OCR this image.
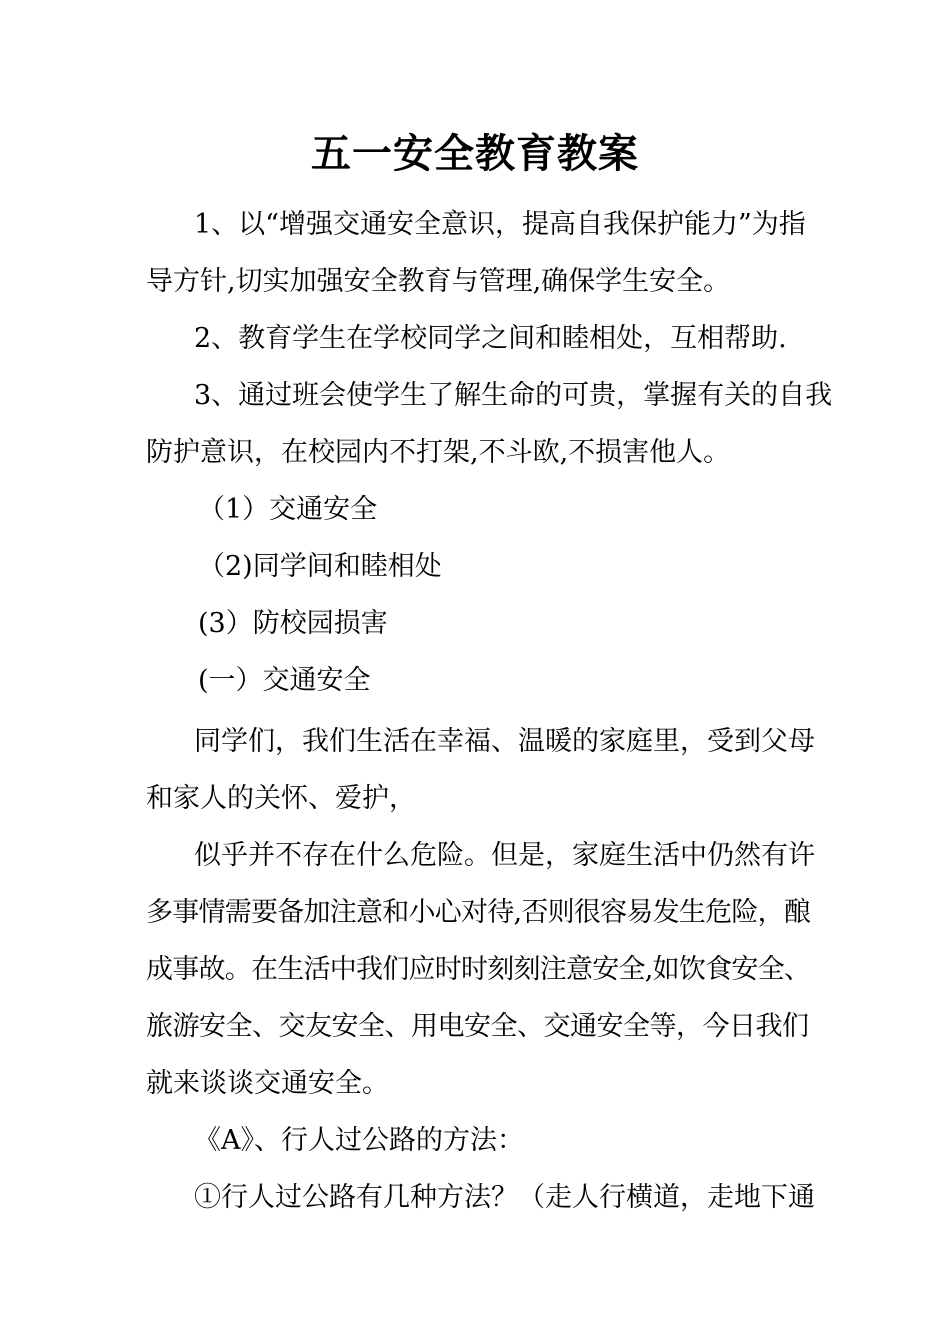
五一安全教育教案
1、以“增强交通安全意识，提高自我保护能力”为指
导方针,切实加强安全教育与管理,确保学生安全。
2、教育学生在学校同学之间和睦相处，互相帮助.
3、通过班会使学生了解生命的可贵，掌握有关的自我
防护意识，在校园内不打架,不斗欧,不损害他人。
（1）交通安全
（2)同学间和睦相处
(3）防校园损害
(一）交通安全
同学们，我们生活在幸福、温暖的家庭里，受到父母
和家人的关怀、爱护，
似乎并不存在什么危险。但是，家庭生活中仍然有许
多事情需要备加注意和小心对待,否则很容易发生危险，酿
成事故。在生活中我们应时时刻刻注意安全,如饮食安全、
旅游安全、交友安全、用电安全、交通安全等，今日我们
就来谈谈交通安全。
《A》、行人过公路的方法：
①行人过公路有几种方法？（走人行横道，走地下通
